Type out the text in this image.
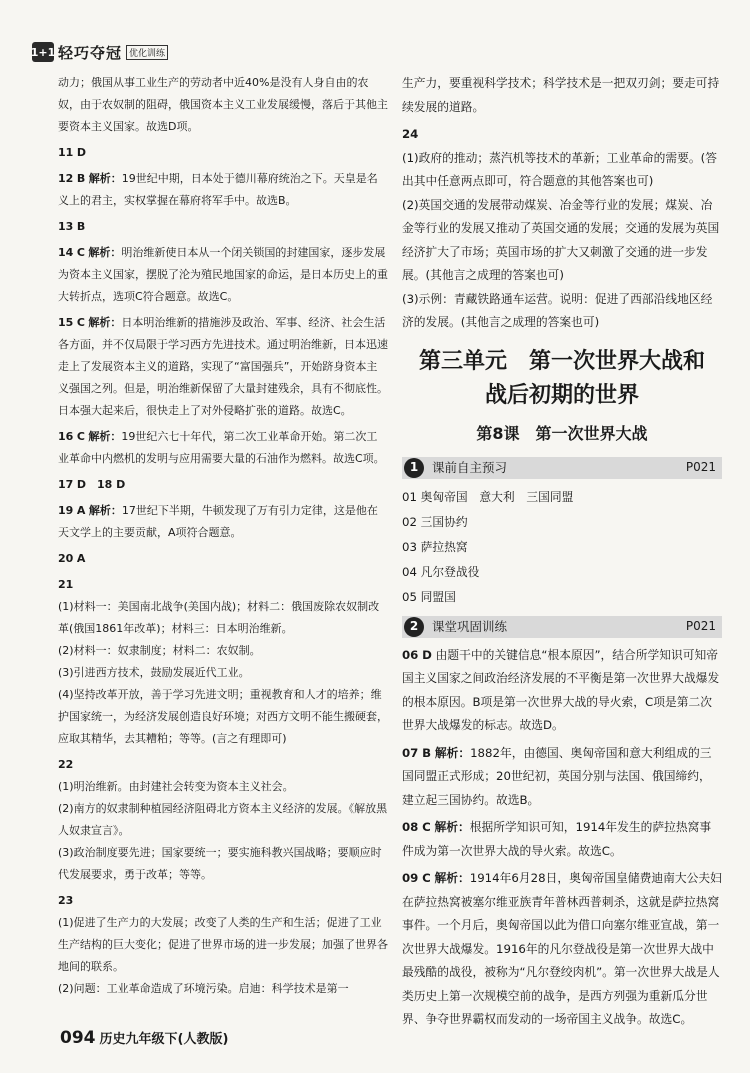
1+1 轻巧夺冠 优化训练
动力；俄国从事工业生产的劳动者中近40%是没有人身自由的农奴，由于农奴制的阻碍，俄国资本主义工业发展缓慢，落后于其他主要资本主义国家。故选D项。
11 D
12 B 解析：19世纪中期，日本处于德川幕府统治之下。天皇是名义上的君主，实权掌握在幕府将军手中。故选B。
13 B
14 C 解析：明治维新使日本从一个闭关锁国的封建国家，逐步发展为资本主义国家，摆脱了沦为殖民地国家的命运，是日本历史上的重大转折点，选项C符合题意。故选C。
15 C 解析：日本明治维新的措施涉及政治、军事、经济、社会生活各方面，并不仅局限于学习西方先进技术。通过明治维新，日本迅速走上了发展资本主义的道路，实现了“富国强兵”，开始跻身资本主义强国之列。但是，明治维新保留了大量封建残余，具有不彻底性。日本强大起来后，很快走上了对外侵略扩张的道路。故选C。
16 C 解析：19世纪六七十年代，第二次工业革命开始。第二次工业革命中内燃机的发明与应用需要大量的石油作为燃料。故选C项。
17 D　18 D
19 A 解析：17世纪下半期，牛顿发现了万有引力定律，这是他在天文学上的主要贡献，A项符合题意。
20 A
21
(1)材料一：美国南北战争(美国内战)；材料二：俄国废除农奴制改革(俄国1861年改革)；材料三：日本明治维新。
(2)材料一：奴隶制度；材料二：农奴制。
(3)引进西方技术，鼓励发展近代工业。
(4)坚持改革开放，善于学习先进文明；重视教育和人才的培养；维护国家统一，为经济发展创造良好环境；对西方文明不能生搬硬套，应取其精华，去其糟粕；等等。(言之有理即可)
22
(1)明治维新。由封建社会转变为资本主义社会。
(2)南方的奴隶制种植园经济阻碍北方资本主义经济的发展。《解放黑人奴隶宣言》。
(3)政治制度要先进；国家要统一；要实施科教兴国战略；要顺应时代发展要求，勇于改革；等等。
23
(1)促进了生产力的大发展；改变了人类的生产和生活；促进了工业生产结构的巨大变化；促进了世界市场的进一步发展；加强了世界各地间的联系。
(2)问题：工业革命造成了环境污染。启迪：科学技术是第一
生产力，要重视科学技术；科学技术是一把双刃剑；要走可持续发展的道路。
24
(1)政府的推动；蒸汽机等技术的革新；工业革命的需要。(答出其中任意两点即可，符合题意的其他答案也可)
(2)英国交通的发展带动煤炭、冶金等行业的发展；煤炭、冶金等行业的发展又推动了英国交通的发展；交通的发展为英国经济扩大了市场；英国市场的扩大又刺激了交通的进一步发展。(其他言之成理的答案也可)
(3)示例：青藏铁路通车运营。说明：促进了西部沿线地区经济的发展。(其他言之成理的答案也可)
第三单元　第一次世界大战和
战后初期的世界
第8课　第一次世界大战
1	课前自主预习	P021
01 奥匈帝国　意大利　三国同盟
02 三国协约
03 萨拉热窝
04 凡尔登战役
05 同盟国
2	课堂巩固训练	P021
06 D 由题干中的关键信息“根本原因”，结合所学知识可知帝国主义国家之间政治经济发展的不平衡是第一次世界大战爆发的根本原因。B项是第一次世界大战的导火索，C项是第二次世界大战爆发的标志。故选D。
07 B 解析：1882年，由德国、奥匈帝国和意大利组成的三国同盟正式形成；20世纪初，英国分别与法国、俄国缔约，建立起三国协约。故选B。
08 C 解析：根据所学知识可知，1914年发生的萨拉热窝事件成为第一次世界大战的导火索。故选C。
09 C 解析：1914年6月28日，奥匈帝国皇储费迪南大公夫妇在萨拉热窝被塞尔维亚族青年普林西普刺杀，这就是萨拉热窝事件。一个月后，奥匈帝国以此为借口向塞尔维亚宣战，第一次世界大战爆发。1916年的凡尔登战役是第一次世界大战中最残酷的战役，被称为“凡尔登绞肉机”。第一次世界大战是人类历史上第一次规模空前的战争，是西方列强为重新瓜分世界、争夺世界霸权而发动的一场帝国主义战争。故选C。
094 历史九年级下(人教版)
